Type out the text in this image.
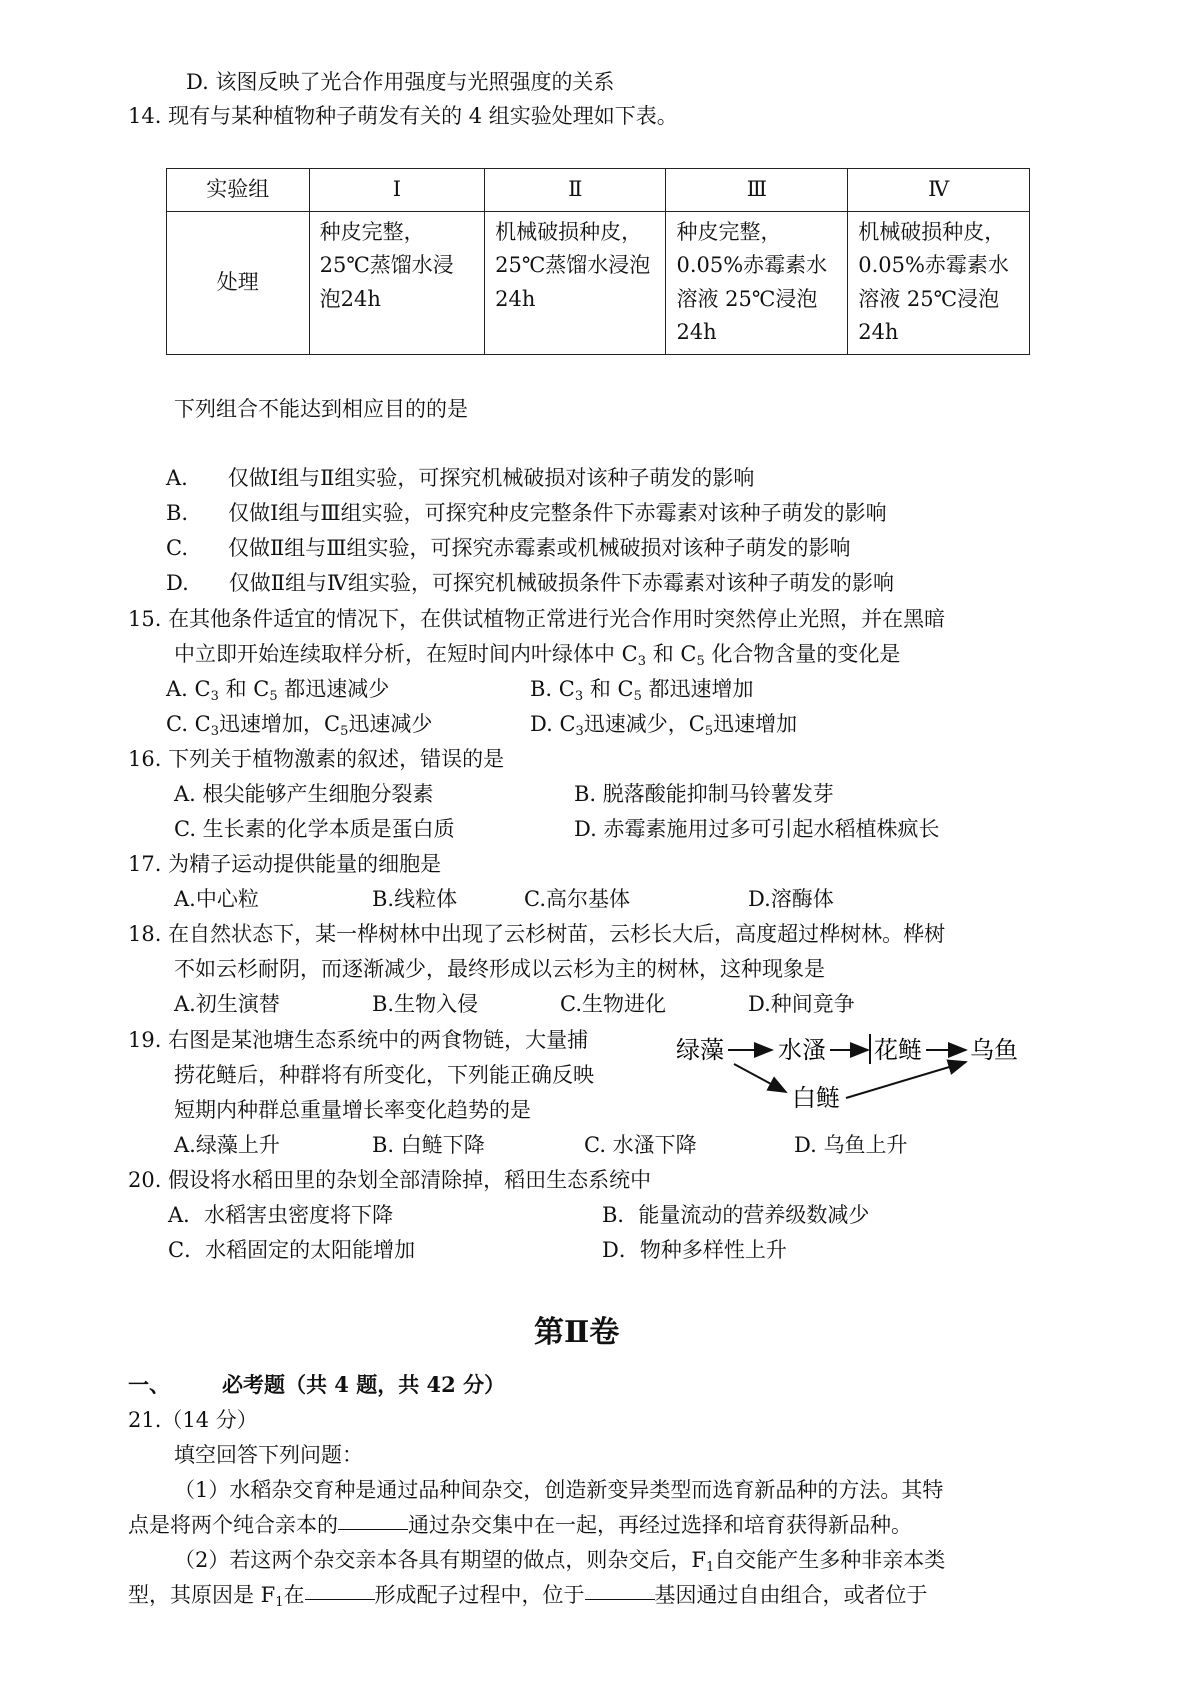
D. 该图反映了光合作用强度与光照强度的关系
14. 现有与某种植物种子萌发有关的 4 组实验处理如下表。
实验组	Ⅰ	Ⅱ	Ⅲ	Ⅳ
处理	种皮完整，25℃蒸馏水浸泡24h	机械破损种皮，25℃蒸馏水浸泡 24h	种皮完整，0.05%赤霉素水溶液 25℃浸泡 24h	机械破损种皮，0.05%赤霉素水溶液 25℃浸泡 24h
下列组合不能达到相应目的的是
A. 仅做Ⅰ组与Ⅱ组实验，可探究机械破损对该种子萌发的影响
B. 仅做Ⅰ组与Ⅲ组实验，可探究种皮完整条件下赤霉素对该种子萌发的影响
C. 仅做Ⅱ组与Ⅲ组实验，可探究赤霉素或机械破损对该种子萌发的影响
D. 仅做Ⅱ组与Ⅳ组实验，可探究机械破损条件下赤霉素对该种子萌发的影响
15. 在其他条件适宜的情况下，在供试植物正常进行光合作用时突然停止光照，并在黑暗
中立即开始连续取样分析，在短时间内叶绿体中 $C_3$ 和 $C_5$ 化合物含量的变化是
A. $C_3$ 和 $C_5$ 都迅速减少	B. $C_3$ 和 $C_5$ 都迅速增加
C. $C_3$迅速增加，$C_5$迅速减少	D. $C_3$迅速减少，$C_5$迅速增加
16. 下列关于植物激素的叙述，错误的是
A. 根尖能够产生细胞分裂素	B. 脱落酸能抑制马铃薯发芽
C. 生长素的化学本质是蛋白质	D. 赤霉素施用过多可引起水稻植株疯长
17. 为精子运动提供能量的细胞是
A.中心粒	B.线粒体	C.高尔基体	D.溶酶体
18. 在自然状态下，某一桦树林中出现了云杉树苗，云杉长大后，高度超过桦树林。桦树
不如云杉耐阴，而逐渐减少，最终形成以云杉为主的树林，这种现象是
A.初生演替	B.生物入侵	C.生物进化	D.种间竟争
19. 右图是某池塘生态系统中的两食物链，大量捕
捞花鲢后，种群将有所变化，下列能正确反映
短期内种群总重量增长率变化趋势的是
绿藻 水溞 花鲢 乌鱼
白鲢
A.绿藻上升	B. 白鲢下降	C. 水溞下降	D. 乌鱼上升
20. 假设将水稻田里的杂划全部清除掉，稻田生态系统中
A．水稻害虫密度将下降	B．能量流动的营养级数减少
C．水稻固定的太阳能增加	D．物种多样性上升
第Ⅱ卷
一、 必考题（共 4 题，共 42 分）
21.（14 分）
填空回答下列问题：
（1）水稻杂交育种是通过品种间杂交，创造新变异类型而选育新品种的方法。其特
点是将两个纯合亲本的	通过杂交集中在一起，再经过选择和培育获得新品种。
（2）若这两个杂交亲本各具有期望的做点，则杂交后，$F_1$自交能产生多种非亲本类
型，其原因是 $F_1$在	形成配子过程中，位于	基因通过自由组合，或者位于
